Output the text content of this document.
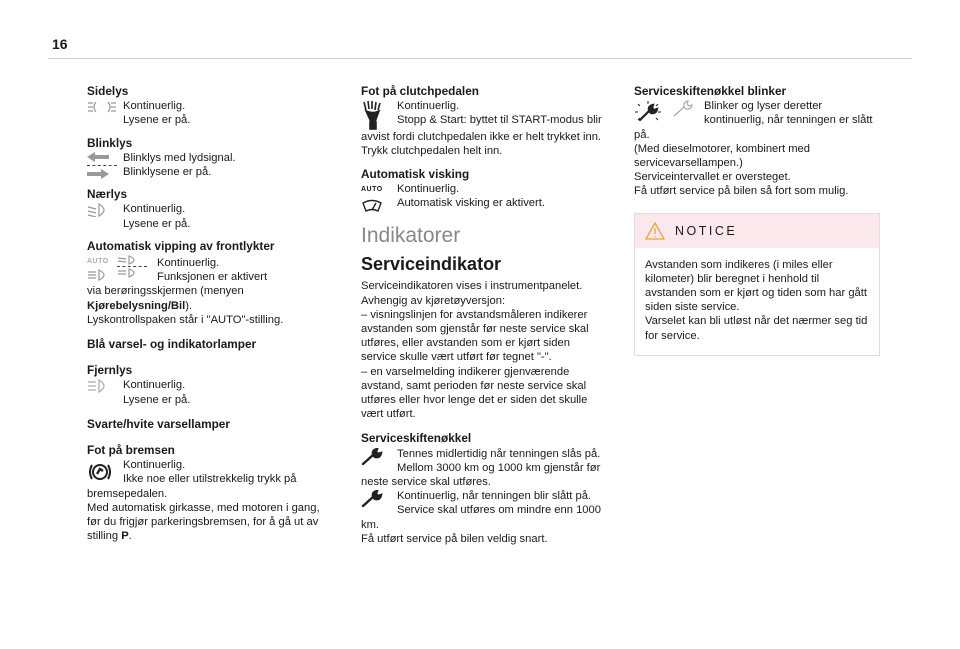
16
Sidelys

Kontinuerlig.

Lysene er på.

Blinklys

Blinklys med lydsignal.

Blinklysene er på.

Nærlys

Kontinuerlig.

Lysene er på.

Automatisk vipping av frontlykter
AUTO	Kontinuerlig.

Funksjonen er aktivert

via berøringsskjermen (menyen Kjørebelysning/Bil).

Lyskontrollspaken står i "AUTO"-stilling.

Blå varsel- og indikatorlamper
Fjernlys

Kontinuerlig.

Lysene er på.

Svarte/hvite varsellamper
Fot på bremsen

Kontinuerlig.

Ikke noe eller utilstrekkelig trykk på

bremsepedalen.

Med automatisk girkasse, med motoren i gang, før du frigjør parkeringsbremsen, for å gå ut av stilling P.

Fot på clutchpedalen

Kontinuerlig.

Stopp & Start: byttet til START-modus blir

avvist fordi clutchpedalen ikke er helt trykket inn. Trykk clutchpedalen helt inn.

Automatisk visking
AUTO Kontinuerlig.

Automatisk visking er aktivert.

Indikatorer
Serviceindikator

Serviceindikatoren vises i instrumentpanelet. Avhengig av kjøretøyversjon:

– visningslinjen for avstandsmåleren indikerer avstanden som gjenstår før neste service skal utføres, eller avstanden som er kjørt siden service skulle vært utført før tegnet "-".

– en varselmelding indikerer gjenværende avstand, samt perioden før neste service skal utføres eller hvor lenge det er siden det skulle vært utført.

Serviceskiftenøkkel

Tennes midlertidig når tenningen slås på.

Mellom 3000 km og 1000 km gjenstår før

neste service skal utføres.

Kontinuerlig, når tenningen blir slått på.

Service skal utføres om mindre enn 1000

km.

Få utført service på bilen veldig snart.

Serviceskiftenøkkel blinker

Blinker og lyser deretter

kontinuerlig, når tenningen er slått

på.

(Med dieselmotorer, kombinert med servicevarsellampen.)

Serviceintervallet er oversteget.

Få utført service på bilen så fort som mulig.

NOTICE

Avstanden som indikeres (i miles eller kilometer) blir beregnet i henhold til avstanden som er kjørt og tiden som har gått siden siste service.

Varselet kan bli utløst når det nærmer seg tid for service.
